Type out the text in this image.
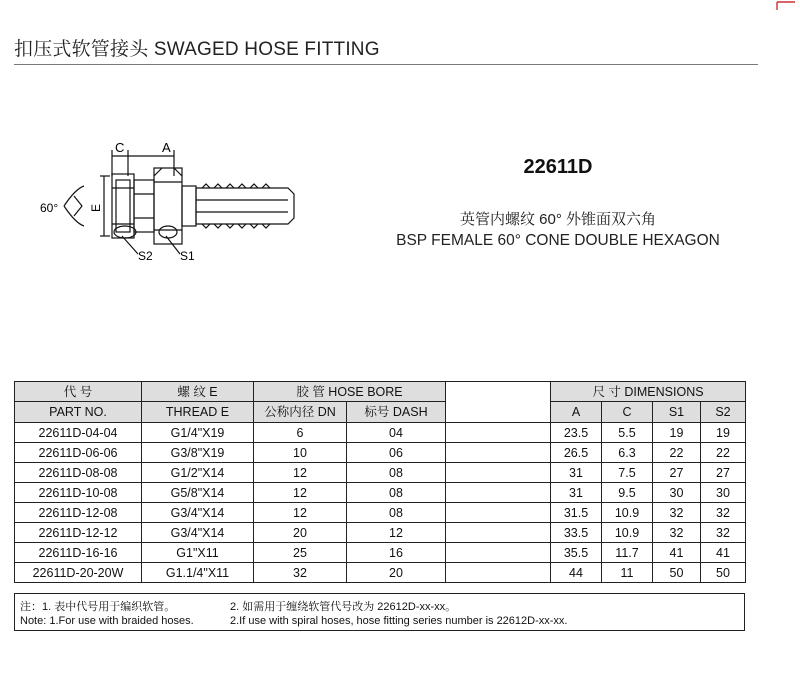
扣压式软管接头 SWAGED HOSE FITTING
C	A
60°	E
S2 S1
22611D
英管内螺纹 60° 外锥面双六角
BSP FEMALE 60° CONE DOUBLE HEXAGON
代 号	螺 纹 E	胶 管 HOSE BORE			尺 寸 DIMENSIONS			
PART NO.	THREAD E	公称内径 DN	标号 DASH		A	C	S1	S2
22611D-04-04	G1/4"X19	6	04		23.5	5.5	19	19
22611D-06-06	G3/8"X19	10	06		26.5	6.3	22	22
22611D-08-08	G1/2"X14	12	08		31	7.5	27	27
22611D-10-08	G5/8"X14	12	08		31	9.5	30	30
22611D-12-08	G3/4"X14	12	08		31.5	10.9	32	32
22611D-12-12	G3/4"X14	20	12		33.5	10.9	32	32
22611D-16-16	G1"X11	25	16		35.5	11.7	41	41
22611D-20-20W	G1.1/4"X11	32	20		44	11	50	50
注：1. 表中代号用于编织软管。	2. 如需用于缠绕软管代号改为 22612D-xx-xx。
Note: 1.For use with braided hoses.	2.If use with spiral hoses, hose fitting series number is 22612D-xx-xx.
